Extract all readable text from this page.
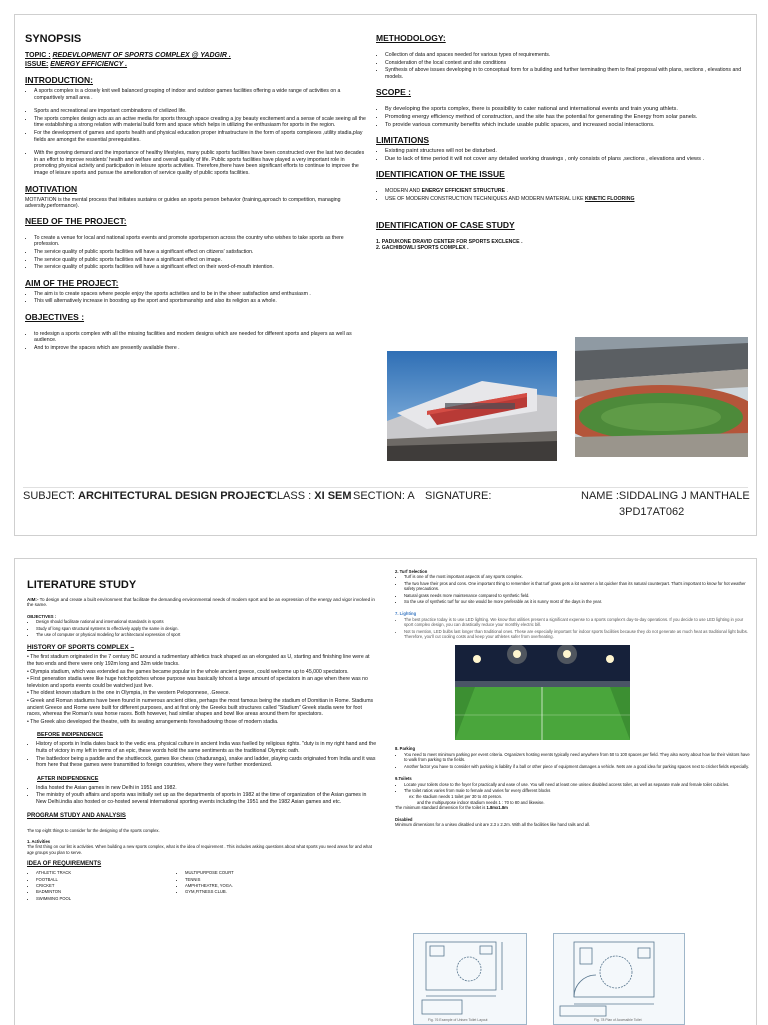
SYNOPSIS
TOPIC : REDEVLOPMENT OF SPORTS COMPLEX @ YADGIR .
ISSUE: ENERGY EFFICIENCY .
INTRODUCTION:
• A sports complex is a closely knit well balanced grouping of indoor and outdoor games facilities offering a wide range of activities on a comparitively small area .
• Sports and recreational are important combinations of civilized life.
• The sports complex design acts as an active media for sports through space creating a joy beauty excitement and a sense of scale seeing all the time establishing a strong relation with material build form and space which helps in utilizing the enthusiasm for sports in the region.
• For the development of games and sports health and physical education proper infrastructure in the form of sports complexes ,utility stadia,play fields are amongst the essential prerequisities.
• With the growing demand and the importance of healthy lifestyles, many public sports facilities have been constructed over the last two decades in an effort to improve residents' health and welfare and overall quality of life. Public sports facilities have played a very important role in promoting physical activity and participation in leisure sports activities. Therefore,there have been significant efforts to continue to improve the image of leisure sports and pursue the amelioration of service quality of public sports facilities.
MOTIVATION

MOTIVATION is the mental process that initiates sustains or guides an sports person behavior (training,aproach to competition, managing adversity,performance).

NEED OF THE PROJECT:
• To create a venue for local and national sports events and promote sportsperson across the country who wishes to take sports as there profession.
• The service quality of public sports facilities will have a significant effect on citizens' satisfaction.
• The service quality of public sports facilities will have a significant effect on image.
• The service quality of public sports facilities will have a significant effect on their word-of-mouth intention.
AIM OF THE PROJECT:
• The aim is to create spaces where people enjoy the sports activities and to be in the sheer satisfaction amd enthusiasm .
• This will alternatively increase in boosting up the sport and sportsmanship and also its religion as a whole.
OBJECTIVES :
• to redesign a sports complex with all the missing facilities and modern designs which are needed for different sports and players as well as audience.
• And to improve the spaces which are presently available there .
METHODOLOGY:
• Collection of data and spaces needed for various types of requirements.
• Consideration of the local context and site conditions
• Synthesis of above issues developing in to conceptual form for a building and further terminating them to final proposal with plans, sections , elevations and models.
SCOPE :
• By developing the sports complex, there is possibility to cater national and international events and train young athlets.
• Promoting energy efficiency method of construction, and the site has the potential for generating the Energy from solar panels.
• To provide various community benefits which include usable public spaces, and increased social interactions.
LIMITATIONS
• Existing paint structures will not be disturbed.
• Due to lack of time period it will not cover any detailed working drawings , only consists of plans ,sections , elevations and views .
IDENTIFICATION OF THE ISSUE
• MODERN AND ENERGY EFFICIENT STRUCTURE .
• USE OF MODERN CONSTRUCTION TECHNIQUES AND MODERN MATERIAL LIKE KINETIC FLOORING
IDENTIFICATION OF CASE STUDY

1. PADUKONE DRAVID CENTER FOR SPORTS EXCLENCE .

2. GACHIBOWLI SPORTS COMPLEX .

SUBJECT: ARCHITECTURAL DESIGN PROJECT
CLASS : XI SEM SECTION: A SIGNATURE:	NAME :SIDDALING J MANTHALE
3PD17AT062
LITERATURE STUDY

AIM:- To design and create a built environment that facilitate the demanding environmental needs of modern sport and be an expression of the energy and vigor involved in the same.

OBJECTIVES :

• Design should facilitate national and international standards in sports
• Study of long span structural systems to effectively apply the same in design.
• The use of computer or physical modeling for architectural expression of sport
HISTORY OF SPORTS COMPLEX –
• The first stadium originated in the 7 century BC around a rudimentary athletics track shaped as an elongated as U, starting and finishing line were at the two ends and there were only 192m long and 32m wide tracks.
• Olympia stadium, which was extended as the games became popular in the whole ancient greece, could welcome up to 45,000 spectators.
• First generation stadia were like huge hotchpotches whose purpose was basically tohost a large amount of spectators in an age when there was no television and sports events could be watched just live.
• The oldest known stadium is the one in Olympia, in the western Peloponnese, .Greece.
• Greek and Roman stadiums have been found in numerous ancient cities, perhaps the most famous being the stadium of Domitian in Rome. Stadiums ancient Greece and Rome were built for different purposes, and at first only the Greeks built structures called "Stadium" Greek stadia were for foot races, whereas the Roman's was horse races. Both however, had similar shapes and bowl like areas around them for spectators.
• The Greek also developed the theatre, with its seating arrangements foreshadowing those of modern stadia.
BEFORE INDIPENDENCE
• History of sports in India dates back to the vedic era. physical culture in ancient India was fuelled by religious rights. "duty is in my right hand and the fruits of victory in my left in terms of an epic, these words hold the same sentiments as the traditional Olympic oath.
• The battledoor being a paddle and the shuttlecock, games like chess (chaduranga), snake and ladder, playing cards originated from India and it was from here that these games were transmitted to foreign countries, where they were further mordenized.
AFTER INDIPENDENCE
• India hosted the Asian games in new Delhi in 1951 and 1982.
• The ministry of youth affairs and sports was initially set up as the departments of sports in 1982 at the time of organization of the Asian games in New Delhi.india also hosted or co-hosted several international sporting events including the 1951 and the 1982 Asian games and etc.
PROGRAM STUDY AND ANALYSIS

The top eight things to consider for the designing of the sports complex.

1. Activities

The first thing on our list is activities. When building a new sports complex, what is the idea of requirement . This includes asking questions about what sports you need areas for and what age groups you plan to serve.

IDEA OF REQUIREMENTS
• ATHLETIC TRACK
• FOOTBALL
• CRICKET
• BADMINTON
• SWIMMING POOL
• MULTIPURPOSE COURT
• TENNIS
• AMPHITHEATRE, YOGA.
• GYM,FITNESS CLUB.

2. Turf Selection

• Turf is one of the most important aspects of any sports complex.
• The two have their pros and cons. One important thing to remember is that turf grass gets a lot warmer a lot quicker than its natural counterpart. That's important to know for hot weather safety precautions.
• Natural grass needs more maintenance compared to synthetic field.
• So the use of synthetic turf for our site would be more preferable as it is sunny most of the days in the year.

7. Lighting

• The best practice today is to use LED lighting. We know that utilities present a significant expense to a sports complex's day-to-day operations. If you decide to use LED lighting in your sport complex design, you can drastically reduce your monthly electric bill.
• Not to mention, LED bulbs last longer than traditional ones. These are especially important for indoor sports facilities because they do not generate as much heat as traditional light bulbs. Therefore, you'll cut cooling costs and keep your athletes safer from overheating.

8. Parking

• You need to meet minimum parking per event criteria. Organizers hosting events typically need anywhere from 50 to 100 spaces per field. They also worry about how far their visitors have to walk from parking to the fields.
• Another factor you have to consider with parking is liability if a ball or other piece of equipment damages a vehicle. Nets are a good idea for parking spaces next to cricket fields especially.

9.Toilets

• Locate your toilets close to the foyer for practically and ease of use. You will need at least one unisex disabled access toilet, as well as separate male and female toilet cubicles.
• The toilet ratios varies from male to female and varies for every different blocks

ex: the stadium needs 1 toilet per 30 to 40 person.

and the multipurpose indoor stadium needs 1 : 70 to 80 and likewise.

The minimum standard dimension for the toilet is 1.8mx1.8m

Disabled

Minimum dimensions for a unisex disabled unit are 2.3 x 2.2m. With all the facilities like hand rails and all.

Fig. 76 Example of Unisex Toilet Layout	Fig. 78 Plan of Accessible Toilet
